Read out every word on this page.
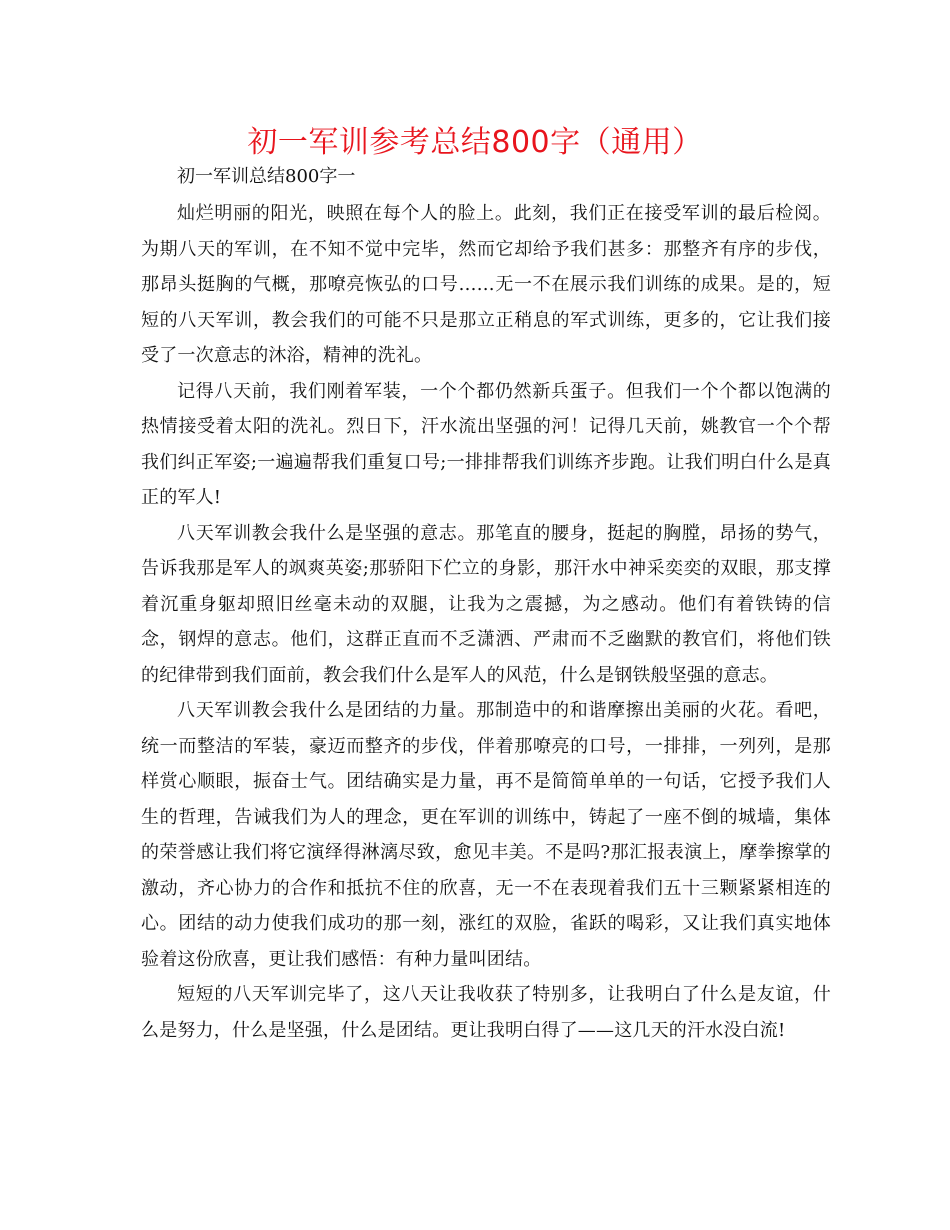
初一军训参考总结800字（通用）

初一军训总结800字一

灿烂明丽的阳光，映照在每个人的脸上。此刻，我们正在接受军训的最后检阅。为期八天的军训，在不知不觉中完毕，然而它却给予我们甚多：那整齐有序的步伐，那昂头挺胸的气概，那嘹亮恢弘的口号……无一不在展示我们训练的成果。是的，短短的八天军训，教会我们的可能不只是那立正稍息的军式训练，更多的，它让我们接受了一次意志的沐浴，精神的洗礼。

记得八天前，我们刚着军装，一个个都仍然新兵蛋子。但我们一个个都以饱满的热情接受着太阳的洗礼。烈日下，汗水流出坚强的河！记得几天前，姚教官一个个帮我们纠正军姿;一遍遍帮我们重复口号;一排排帮我们训练齐步跑。让我们明白什么是真正的军人!

八天军训教会我什么是坚强的意志。那笔直的腰身，挺起的胸膛，昂扬的势气，告诉我那是军人的飒爽英姿;那骄阳下伫立的身影，那汗水中神采奕奕的双眼，那支撑着沉重身躯却照旧丝毫未动的双腿，让我为之震撼，为之感动。他们有着铁铸的信念，钢焊的意志。他们，这群正直而不乏潇洒、严肃而不乏幽默的教官们，将他们铁的纪律带到我们面前，教会我们什么是军人的风范，什么是钢铁般坚强的意志。

八天军训教会我什么是团结的力量。那制造中的和谐摩擦出美丽的火花。看吧，统一而整洁的军装，豪迈而整齐的步伐，伴着那嘹亮的口号，一排排，一列列，是那样赏心顺眼，振奋士气。团结确实是力量，再不是简简单单的一句话，它授予我们人生的哲理，告诫我们为人的理念，更在军训的训练中，铸起了一座不倒的城墙，集体的荣誉感让我们将它演绎得淋漓尽致，愈见丰美。不是吗?那汇报表演上，摩拳擦掌的激动，齐心协力的合作和抵抗不住的欣喜，无一不在表现着我们五十三颗紧紧相连的心。团结的动力使我们成功的那一刻，涨红的双脸，雀跃的喝彩，又让我们真实地体验着这份欣喜，更让我们感悟：有种力量叫团结。

短短的八天军训完毕了，这八天让我收获了特别多，让我明白了什么是友谊，什么是努力，什么是坚强，什么是团结。更让我明白得了——这几天的汗水没白流!
